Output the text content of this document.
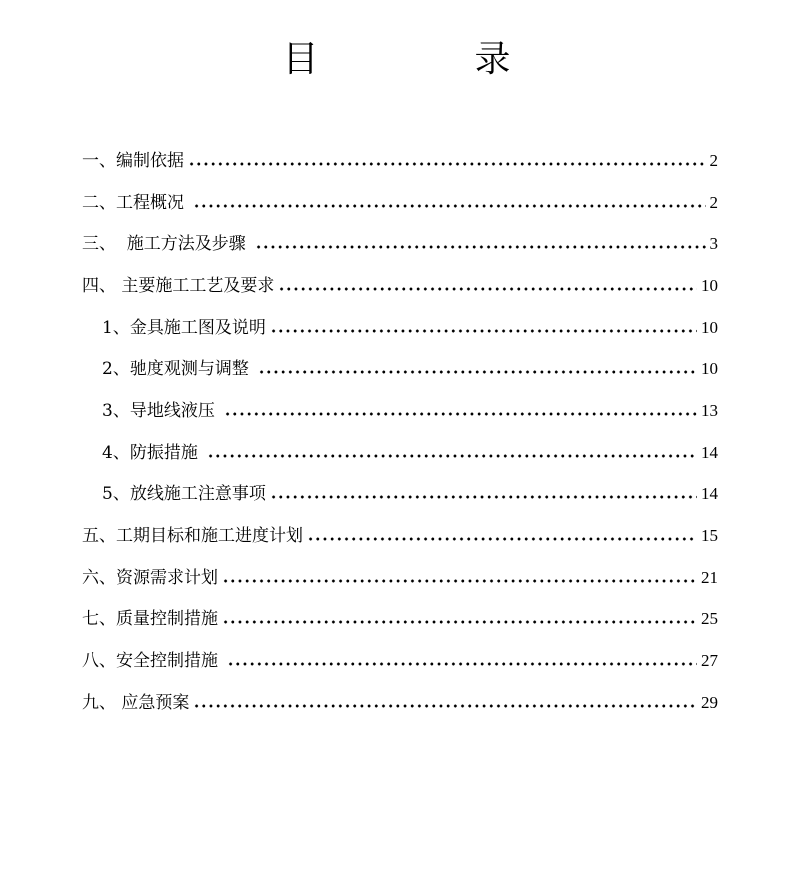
目　录
一、编制依据	2
二、工程概况	2
三、  施工方法及步骤	3
四、 主要施工工艺及要求	10
1、金具施工图及说明	10
2、驰度观测与调整	10
3、导地线液压	13
4、防振措施	14
5、放线施工注意事项	14
五、工期目标和施工进度计划	15
六、资源需求计划	21
七、质量控制措施	25
八、安全控制措施	27
九、 应急预案	29
